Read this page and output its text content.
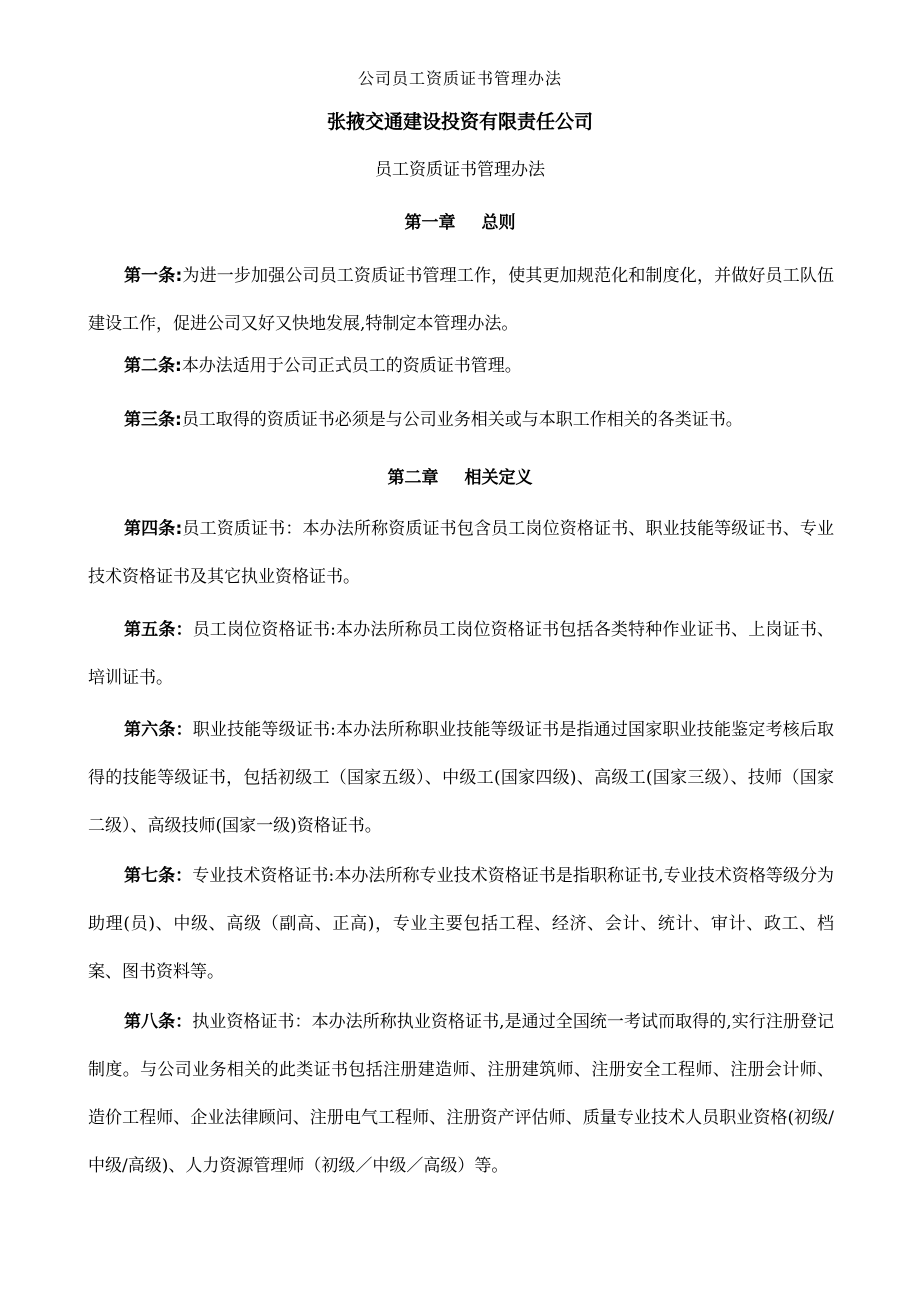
公司员工资质证书管理办法
张掖交通建设投资有限责任公司
员工资质证书管理办法
第一章 总则
第一条:为进一步加强公司员工资质证书管理工作，使其更加规范化和制度化，并做好员工队伍建设工作，促进公司又好又快地发展,特制定本管理办法。
第二条:本办法适用于公司正式员工的资质证书管理。
第三条:员工取得的资质证书必须是与公司业务相关或与本职工作相关的各类证书。
第二章 相关定义
第四条:员工资质证书：本办法所称资质证书包含员工岗位资格证书、职业技能等级证书、专业技术资格证书及其它执业资格证书。
第五条：员工岗位资格证书:本办法所称员工岗位资格证书包括各类特种作业证书、上岗证书、培训证书。
第六条：职业技能等级证书:本办法所称职业技能等级证书是指通过国家职业技能鉴定考核后取得的技能等级证书，包括初级工（国家五级）、中级工(国家四级)、高级工(国家三级）、技师（国家二级）、高级技师(国家一级)资格证书。
第七条：专业技术资格证书:本办法所称专业技术资格证书是指职称证书,专业技术资格等级分为助理(员)、中级、高级（副高、正高)，专业主要包括工程、经济、会计、统计、审计、政工、档案、图书资料等。
第八条：执业资格证书：本办法所称执业资格证书,是通过全国统一考试而取得的,实行注册登记制度。与公司业务相关的此类证书包括注册建造师、注册建筑师、注册安全工程师、注册会计师、造价工程师、企业法律顾问、注册电气工程师、注册资产评估师、质量专业技术人员职业资格(初级/中级/高级)、人力资源管理师（初级／中级／高级）等。
